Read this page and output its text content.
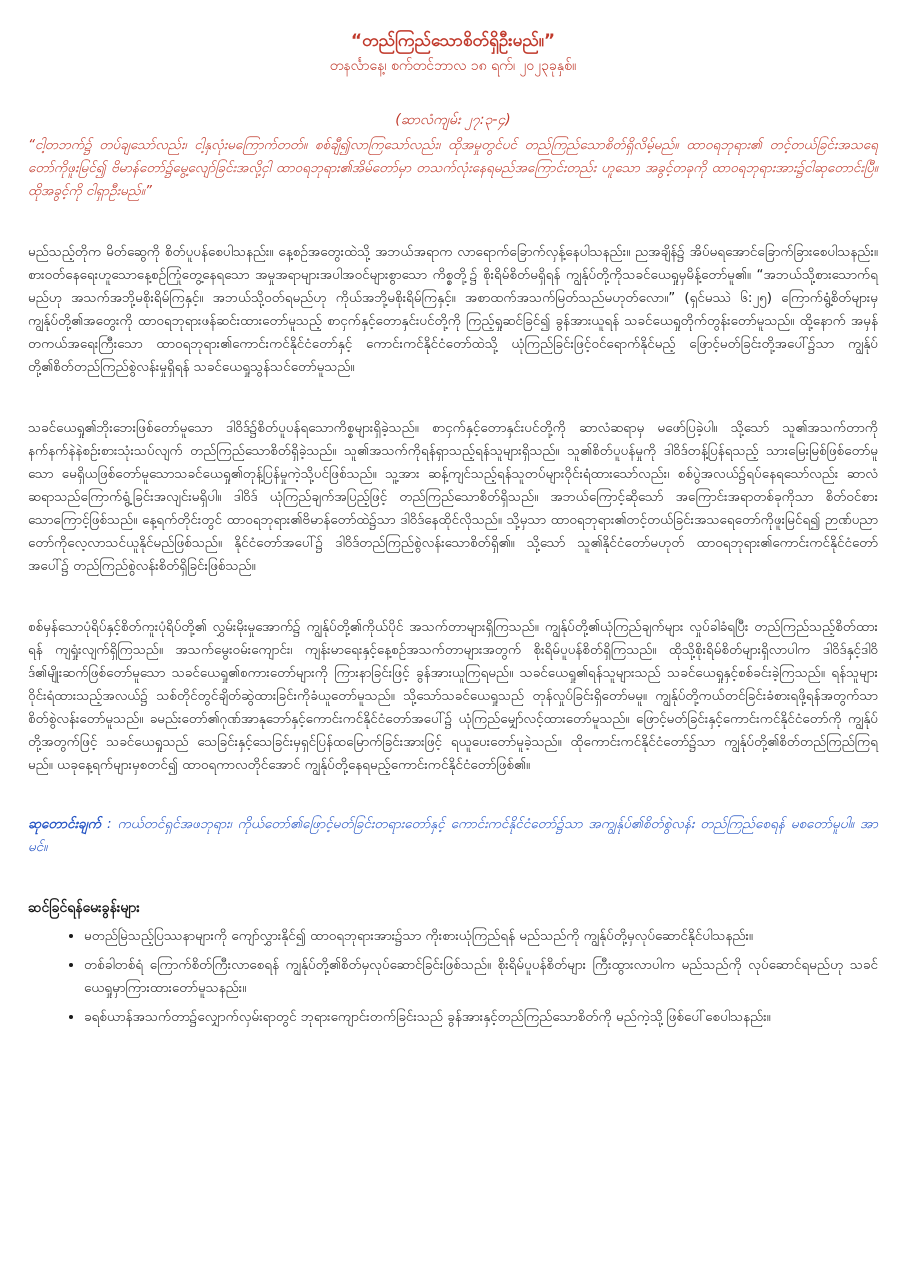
“တည်ကြည်သောစိတ်ရှိဦးမည်။”

တနင်္လာနေ့၊ စက်တင်ဘာလ ၁၈ ရက်၊ ၂၀၂၃ခုနှစ်။

(ဆာလံကျမ်း ၂၇:၃-၄)

“ငါ့တဘက်၌ တပ်ချသော်လည်း၊ ငါ့နှလုံးမကြောက်တတ်။ စစ်ချီ၍လာကြသော်လည်း၊ ထိုအမှုတွင်ပင် တည်ကြည်သောစိတ်ရှိလိမ့်မည်။ ထာဝရဘုရား၏ တင့်တယ်ခြင်းအသရေတော်ကိုဖူးမြင်၍ ဗိမာန်တော်၌မွေ့လျော်ခြင်းအလို့ငှါ ထာဝရဘုရား၏အိမ်တော်မှာ တသက်လုံးနေရမည်အကြောင်းတည်း ဟူသော အခွင့်တခုကို ထာဝရဘုရားအား၌ငါဆုတောင်းပြီ။ ထိုအခွင့်ကို ငါရှာဦးမည်။”

မည်သည့်တိုက မိတ်ဆွေကို စိတ်ပူပန်စေပါသနည်း။ နေ့စဉ်အတွေးထဲသို့ အဘယ်အရာက လာရောက်ခြောက်လှန့်နေပါသနည်း။ ညအချိန်၌ အိပ်မရအောင်ခြောက်ခြားစေပါသနည်း။ စားဝတ်နေရေးဟူသောနေ့စဉ်ကြုံတွေ့နေရသော အမှုအရာများအပါအဝင်များစွာသော ကိစ္စတို့၌ စိုးရိမ်စိတ်မရှိရန် ကျွန်ုပ်တို့ကိုသခင်ယေရှုမှမိန့်တော်မူ၏။ “အဘယ်သို့စားသောက်ရမည်ဟု အသက်အဘို့မစိုးရိမ်ကြနှင့်။ အဘယ်သို့ဝတ်ရမည်ဟု ကိုယ်အဘို့မစိုးရိမ်ကြနှင့်။ အစာထက်အသက်မြတ်သည်မဟုတ်လော။” (ရှင်မဿဲ ၆:၂၅) ကြောက်ရွံ့စိတ်များမှ ကျွန်ုပ်တို့၏အတွေးကို ထာဝရဘုရားဖန်ဆင်းထားတော်မူသည့် စာငှက်နှင့်တောနှင်းပင်တို့ကို ကြည့်ရှုဆင်ခြင်၍ ခွန်အားယူရန် သခင်ယေရှုတိုက်တွန်းတော်မူသည်။ ထို့နောက် အမှန်တကယ်အရေးကြီးသော ထာဝရဘုရား၏ကောင်းကင်နိုင်ငံတော်နှင့် ကောင်းကင်နိုင်ငံတော်ထဲသို့ ယုံကြည်ခြင်းဖြင့်ဝင်ရောက်နိုင်မည့် ဖြောင့်မတ်ခြင်းတို့အပေါ်၌သာ ကျွန်ုပ်တို့၏စိတ်တည်ကြည်စွဲလန်းမှုရှိရန် သခင်ယေရှုသွန်သင်တော်မူသည်။

သခင်ယေရှု၏ဘိုးဘေးဖြစ်တော်မူသော ဒါဝိဒ်၌စိတ်ပူပန်ရသောကိစ္စများရှိခဲ့သည်။ စာငှက်နှင့်တောနှင်းပင်တို့ကို ဆာလံဆရာမှ မဖော်ပြခဲ့ပါ။ သို့သော် သူ၏အသက်တာကို နက်နက်နဲနဲစဉ်းစားသုံးသပ်လျက် တည်ကြည်သောစိတ်ရှိခဲ့သည်။ သူ၏အသက်ကိုရန်ရှာသည့်ရန်သူများရှိသည်။ သူ၏စိတ်ပူပန်မှုကို ဒါဝိဒ်တန့်ပြန်ရသည့် သားမြေးမြစ်ဖြစ်တော်မူသော မေရှိယဖြစ်တော်မူသောသခင်ယေရှု၏တုန့်ပြန်မှုကဲ့သို့ပင်ဖြစ်သည်။ သူ့အား ဆန့်ကျင်သည့်ရန်သူတပ်များဝိုင်းရံထားသော်လည်း၊ စစ်ပွဲအလယ်၌ရပ်နေရသော်လည်း ဆာလံဆရာသည်ကြောက်ရွံ့ခြင်းအလျင်းမရှိပါ။ ဒါဝိဒ် ယုံကြည်ချက်အပြည့်ဖြင့် တည်ကြည်သောစိတ်ရှိသည်။ အဘယ်ကြောင့်ဆိုသော် အကြောင်းအရာတစ်ခုကိုသာ စိတ်ဝင်စားသောကြောင့်ဖြစ်သည်။ နေ့ရက်တိုင်းတွင် ထာဝရဘုရား၏ဗိမာန်တော်ထဲ၌သာ ဒါဝိဒ်နေထိုင်လိုသည်။ သို့မှသာ ထာဝရဘုရား၏တင့်တယ်ခြင်းအသရေတော်ကိုဖူးမြင်ရ၍ ဉာဏ်ပညာတော်ကိုလေ့လာသင်ယူနိုင်မည်ဖြစ်သည်။ နိုင်ငံတော်အပေါ်၌ ဒါဝိဒ်တည်ကြည်စွဲလန်းသောစိတ်ရှိ၏။ သို့သော် သူ၏နိုင်ငံတော်မဟုတ် ထာဝရဘုရား၏ကောင်းကင်နိုင်ငံတော်အပေါ်၌ တည်ကြည်စွဲလန်းစိတ်ရှိခြင်းဖြစ်သည်။

စစ်မှန်သောပုံရိပ်နှင့်စိတ်ကူးပုံရိပ်တို့၏ လွှမ်းမိုးမှုအောက်၌ ကျွန်ုပ်တို့၏ကိုယ်ပိုင် အသက်တာများရှိကြသည်။ ကျွန်ုပ်တို့၏ယုံကြည်ချက်များ လှုပ်ခါခံရပြီး တည်ကြည်သည့်စိတ်ထားရန် ကျရှုံးလျက်ရှိကြသည်။ အသက်မွေးဝမ်းကျောင်း၊ ကျန်းမာရေးနှင့်နေ့စဉ်အသက်တာများအတွက် စိုးရိမ်ပူပန်စိတ်ရှိကြသည်။ ထိုသို့စိုးရိမ်စိတ်များရှိလာပါက ဒါဝိဒ်နှင့်ဒါဝိဒ်၏မျိုးဆက်ဖြစ်တော်မူသော သခင်ယေရှု၏စကားတော်များကို ကြားနာခြင်းဖြင့် ခွန်အားယူကြရမည်။ သခင်ယေရှု၏ရန်သူများသည် သခင်ယေရှုနှင့်စစ်ခင်းခဲ့ကြသည်။ ရန်သူများဝိုင်းရံထားသည့်အလယ်၌ သစ်တိုင်တွင်ချိတ်ဆွဲထားခြင်းကိုခံယူတော်မူသည်။ သို့သော်သခင်ယေရှုသည် တုန်လှုပ်ခြင်းရှိတော်မမူ။ ကျွန်ုပ်တို့ကယ်တင်ခြင်းခံစားရဖို့ရန်အတွက်သာ စိတ်စွဲလန်းတော်မူသည်။ ခမည်းတော်၏ဂုဏ်အာနုဘော်နှင့်ကောင်းကင်နိုင်ငံတော်အပေါ်၌ ယုံကြည်မျှော်လင့်ထားတော်မူသည်။ ဖြောင့်မတ်ခြင်းနှင့်ကောင်းကင်နိုင်ငံတော်ကို ကျွန်ုပ်တို့အတွက်ဖြင့် သခင်ယေရှုသည် သေခြင်းနှင့်သေခြင်းမှရှင်ပြန်ထမြောက်ခြင်းအားဖြင့် ရယူပေးတော်မူခဲ့သည်။ ထိုကောင်းကင်နိုင်ငံတော်၌သာ ကျွန်ုပ်တို့၏စိတ်တည်ကြည်ကြရမည်။ ယခုနေ့ရက်များမှစတင်၍ ထာဝရကာလတိုင်အောင် ကျွန်ုပ်တို့နေရမည့်ကောင်းကင်နိုင်ငံတော်ဖြစ်၏။

ဆုတောင်းချက် : ကယ်တင်ရှင်အဖဘုရား၊ ကိုယ်တော်၏ဖြောင့်မတ်ခြင်းတရားတော်နှင့် ကောင်းကင်နိုင်ငံတော်၌သာ အကျွန်ုပ်၏စိတ်စွဲလန်း တည်ကြည်စေရန် မစတော်မူပါ။ အာမင်။

ဆင်ခြင်ရန်မေးခွန်းများ
• မတည်မြဲသည့်ပြဿနာများကို ကျော်လွှားနိုင်၍ ထာဝရဘုရားအား၌သာ ကိုးစားယုံကြည်ရန် မည်သည်ကို ကျွန်ုပ်တို့မှလုပ်ဆောင်နိုင်ပါသနည်း။
• တစ်ခါတစ်ရံ ကြောက်စိတ်ကြီးလာစေရန် ကျွန်ုပ်တို့၏စိတ်မှလုပ်ဆောင်ခြင်းဖြစ်သည်။ စိုးရိမ်ပူပန်စိတ်များ ကြီးထွားလာပါက မည်သည်ကို လုပ်ဆောင်ရမည်ဟု သခင်ယေရှုမှာကြားထားတော်မူသနည်း။
• ခရစ်ယာန်အသက်တာ၌လျှောက်လှမ်းရာတွင် ဘုရားကျောင်းတက်ခြင်းသည် ခွန်အားနှင့်တည်ကြည်သောစိတ်ကို မည်ကဲ့သို့ဖြစ်ပေါ်စေပါသနည်း။
